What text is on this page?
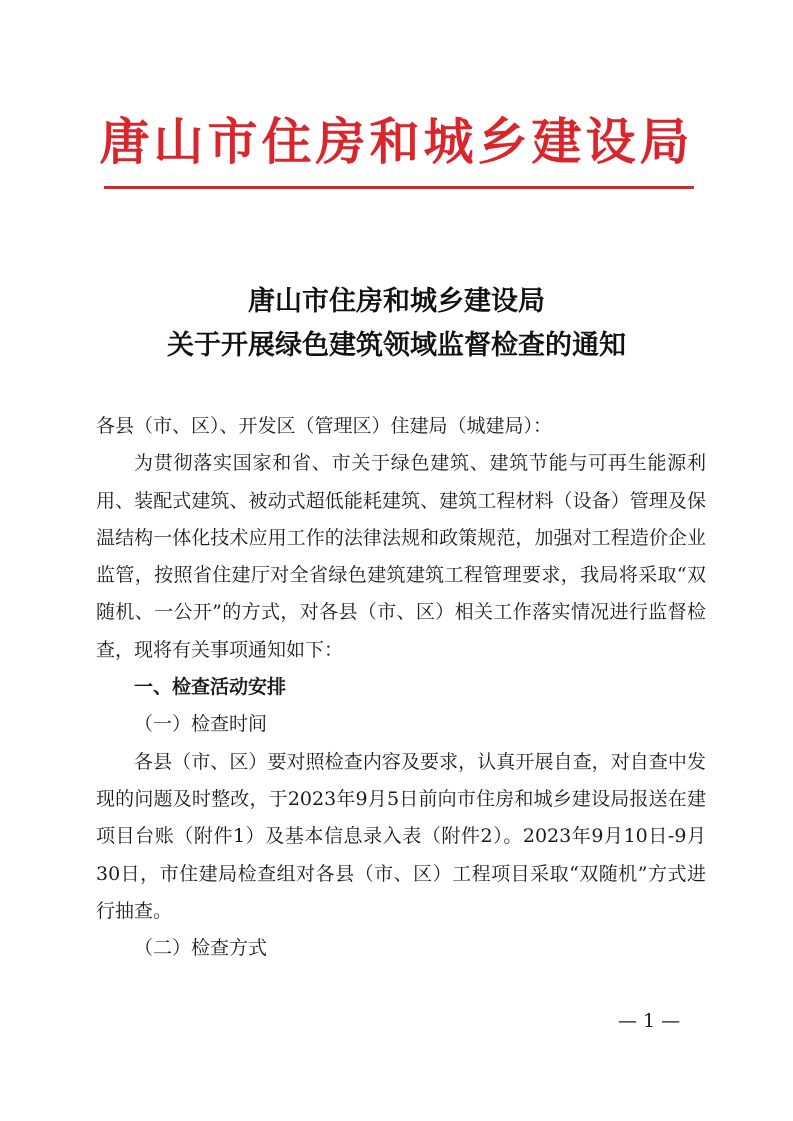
唐山市住房和城乡建设局
唐山市住房和城乡建设局
关于开展绿色建筑领域监督检查的通知

各县（市、区）、开发区（管理区）住建局（城建局）：

为贯彻落实国家和省、市关于绿色建筑、建筑节能与可再生能源利用、装配式建筑、被动式超低能耗建筑、建筑工程材料（设备）管理及保温结构一体化技术应用工作的法律法规和政策规范，加强对工程造价企业监管，按照省住建厅对全省绿色建筑建筑工程管理要求，我局将采取“双随机、一公开”的方式，对各县（市、区）相关工作落实情况进行监督检查，现将有关事项通知如下：

一、检查活动安排

（一）检查时间

各县（市、区）要对照检查内容及要求，认真开展自查，对自查中发现的问题及时整改，于2023年9月5日前向市住房和城乡建设局报送在建项目台账（附件1）及基本信息录入表（附件2）。2023年9月10日-9月30日，市住建局检查组对各县（市、区）工程项目采取“双随机”方式进行抽查。

（二）检查方式

— 1 —
